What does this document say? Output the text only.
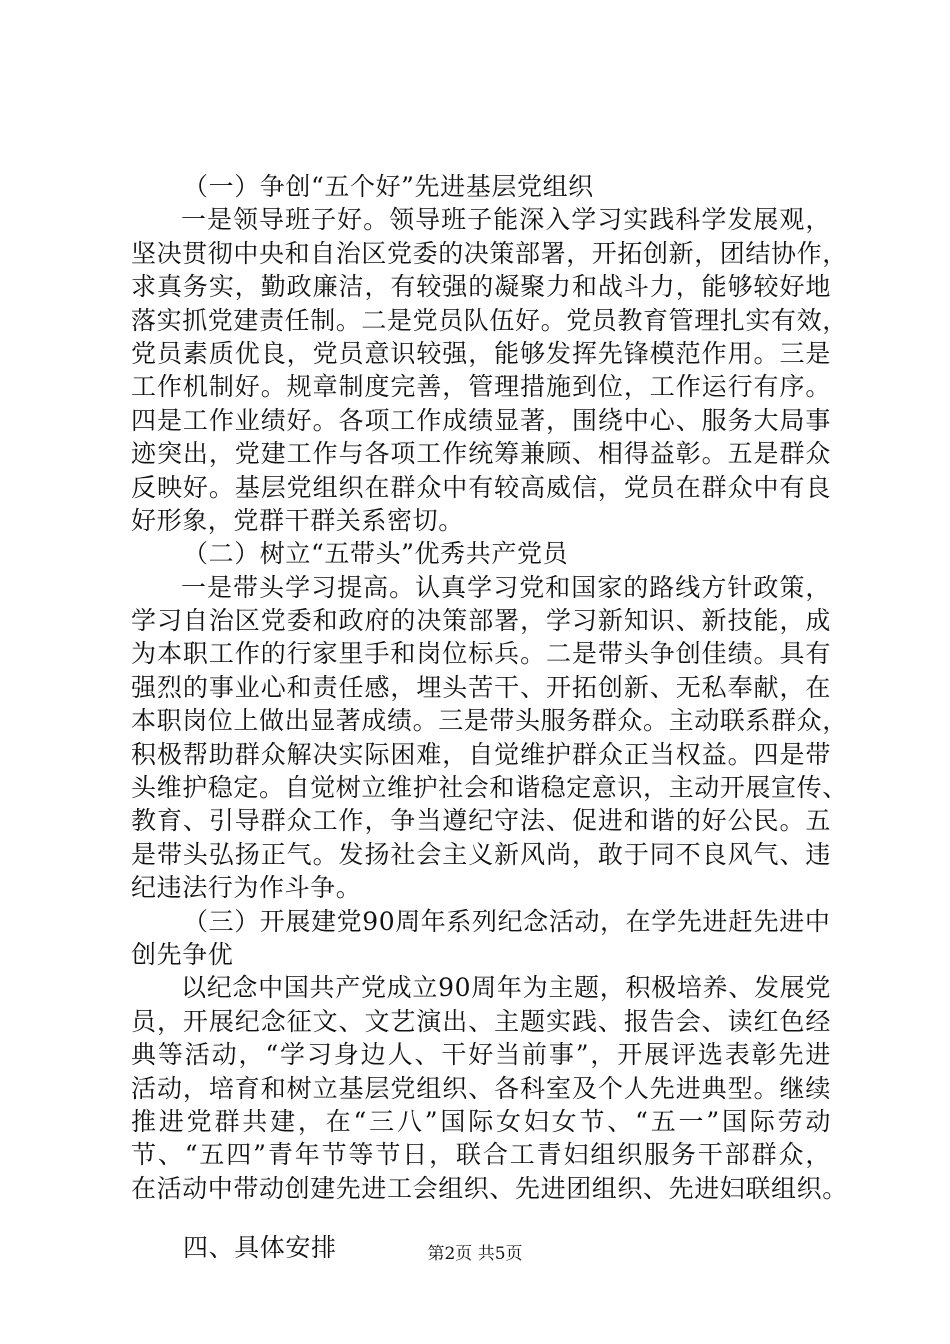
（一）争创“五个好”先进基层党组织
一是领导班子好。领导班子能深入学习实践科学发展观，
坚决贯彻中央和自治区党委的决策部署，开拓创新，团结协作，
求真务实，勤政廉洁，有较强的凝聚力和战斗力，能够较好地
落实抓党建责任制。二是党员队伍好。党员教育管理扎实有效，
党员素质优良，党员意识较强，能够发挥先锋模范作用。三是
工作机制好。规章制度完善，管理措施到位，工作运行有序。
四是工作业绩好。各项工作成绩显著，围绕中心、服务大局事
迹突出，党建工作与各项工作统筹兼顾、相得益彰。五是群众
反映好。基层党组织在群众中有较高威信，党员在群众中有良
好形象，党群干群关系密切。
（二）树立“五带头”优秀共产党员
一是带头学习提高。认真学习党和国家的路线方针政策，
学习自治区党委和政府的决策部署，学习新知识、新技能，成
为本职工作的行家里手和岗位标兵。二是带头争创佳绩。具有
强烈的事业心和责任感，埋头苦干、开拓创新、无私奉献，在
本职岗位上做出显著成绩。三是带头服务群众。主动联系群众，
积极帮助群众解决实际困难，自觉维护群众正当权益。四是带
头维护稳定。自觉树立维护社会和谐稳定意识，主动开展宣传、
教育、引导群众工作，争当遵纪守法、促进和谐的好公民。五
是带头弘扬正气。发扬社会主义新风尚，敢于同不良风气、违
纪违法行为作斗争。
（三）开展建党90周年系列纪念活动，在学先进赶先进中
创先争优
以纪念中国共产党成立90周年为主题，积极培养、发展党
员，开展纪念征文、文艺演出、主题实践、报告会、读红色经
典等活动，“学习身边人、干好当前事”，开展评选表彰先进
活动，培育和树立基层党组织、各科室及个人先进典型。继续
推进党群共建，在“三八”国际女妇女节、“五一”国际劳动
节、“五四”青年节等节日，联合工青妇组织服务干部群众，
在活动中带动创建先进工会组织、先进团组织、先进妇联组织。
四、具体安排	第2页 共5页
